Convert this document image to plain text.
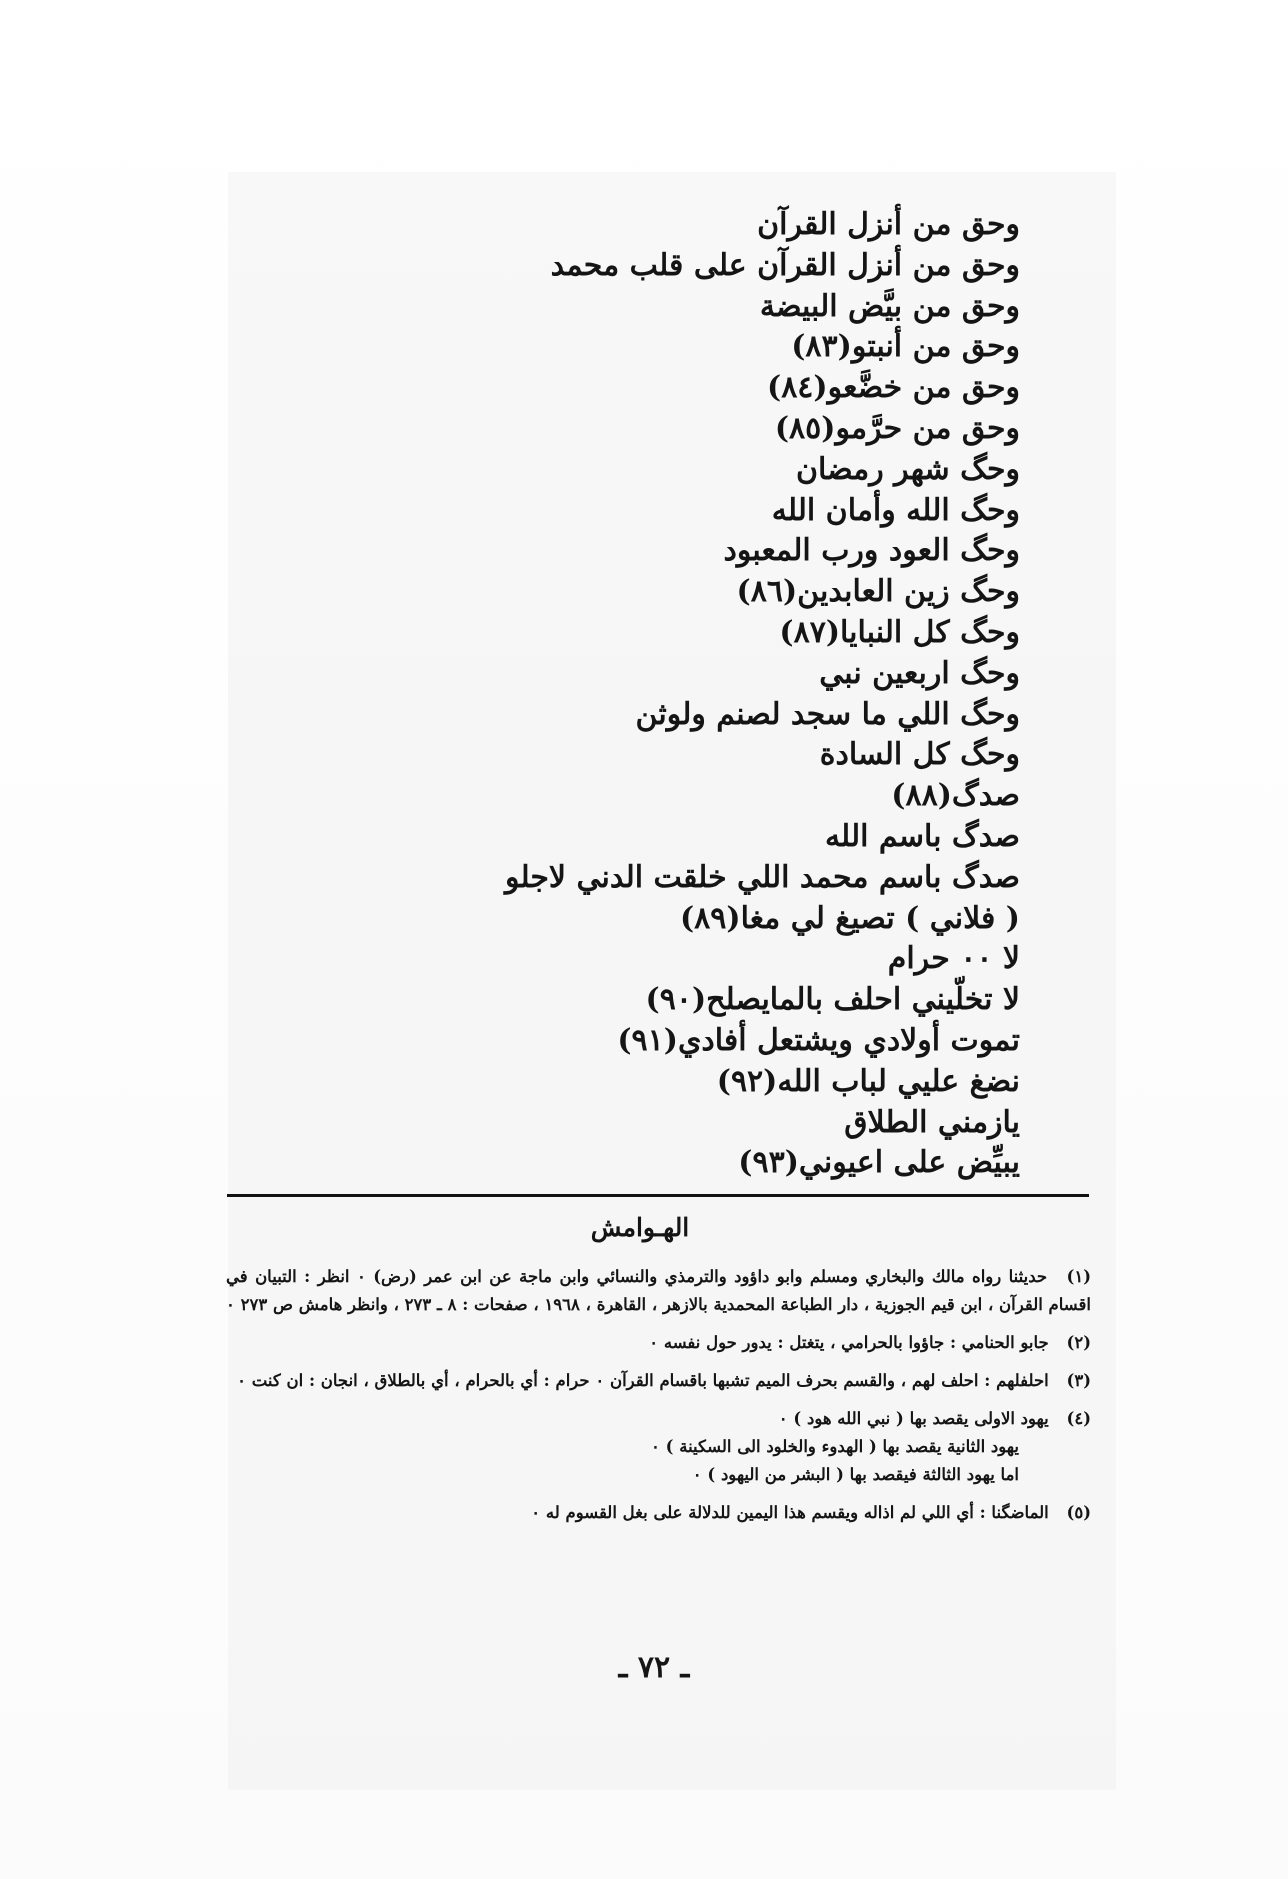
وحق من أنزل القرآن
وحق من أنزل القرآن على قلب محمد
وحق من بيَّض البيضة
وحق من أنبتو(٨٣)
وحق من خضَّعو(٨٤)
وحق من حرَّمو(٨٥)
وحگ شهر رمضان
وحگ الله وأمان الله
وحگ العود ورب المعبود
وحگ زين العابدين(٨٦)
وحگ كل النبايا(٨٧)
وحگ اربعين نبي
وحگ اللي ما سجد لصنم ولوثن
وحگ كل السادة
صدگ(٨٨)
صدگ باسم الله
صدگ باسم محمد اللي خلقت الدني لاجلو
( فلاني ) تصيغ لي مغا(٨٩)
لا ٠٠ حرام
لا تخلّيني احلف بالمايصلح(٩٠)
تموت أولادي ويشتعل أفادي(٩١)
نضغ عليي لباب الله(٩٢)
يازمني الطلاق
يبيِّض على اعيوني(٩٣)
الهـوامش

(١) حديثنا رواه مالك والبخاري ومسلم وابو داؤود والترمذي والنسائي وابن ماجة عن ابن عمر (رض) ٠ انظر : التبيان في اقسام القرآن ، ابن قيم الجوزية ، دار الطباعة المحمدية بالازهر ، القاهرة ، ١٩٦٨ ، صفحات : ٨ ـ ٢٧٣ ، وانظر هامش ص ٢٧٣ ٠

(٢) جابو الحنامي : جاؤوا بالحرامي ، يتغتل : يدور حول نفسه ٠

(٣) احلفلهم : احلف لهم ، والقسم بحرف الميم تشبها باقسام القرآن ٠ حرام : أي بالحرام ، أي بالطلاق ، انجان : ان كنت ٠

(٤) يهود الاولى يقصد بها ( نبي الله هود ) ٠
يهود الثانية يقصد بها ( الهدوء والخلود الى السكينة ) ٠
اما يهود الثالثة فيقصد بها ( البشر من اليهود ) ٠

(٥) الماضگنا : أي اللي لم اذاله ويقسم هذا اليمين للدلالة على بغل القسوم له ٠

ـ ٧٢ ـ
